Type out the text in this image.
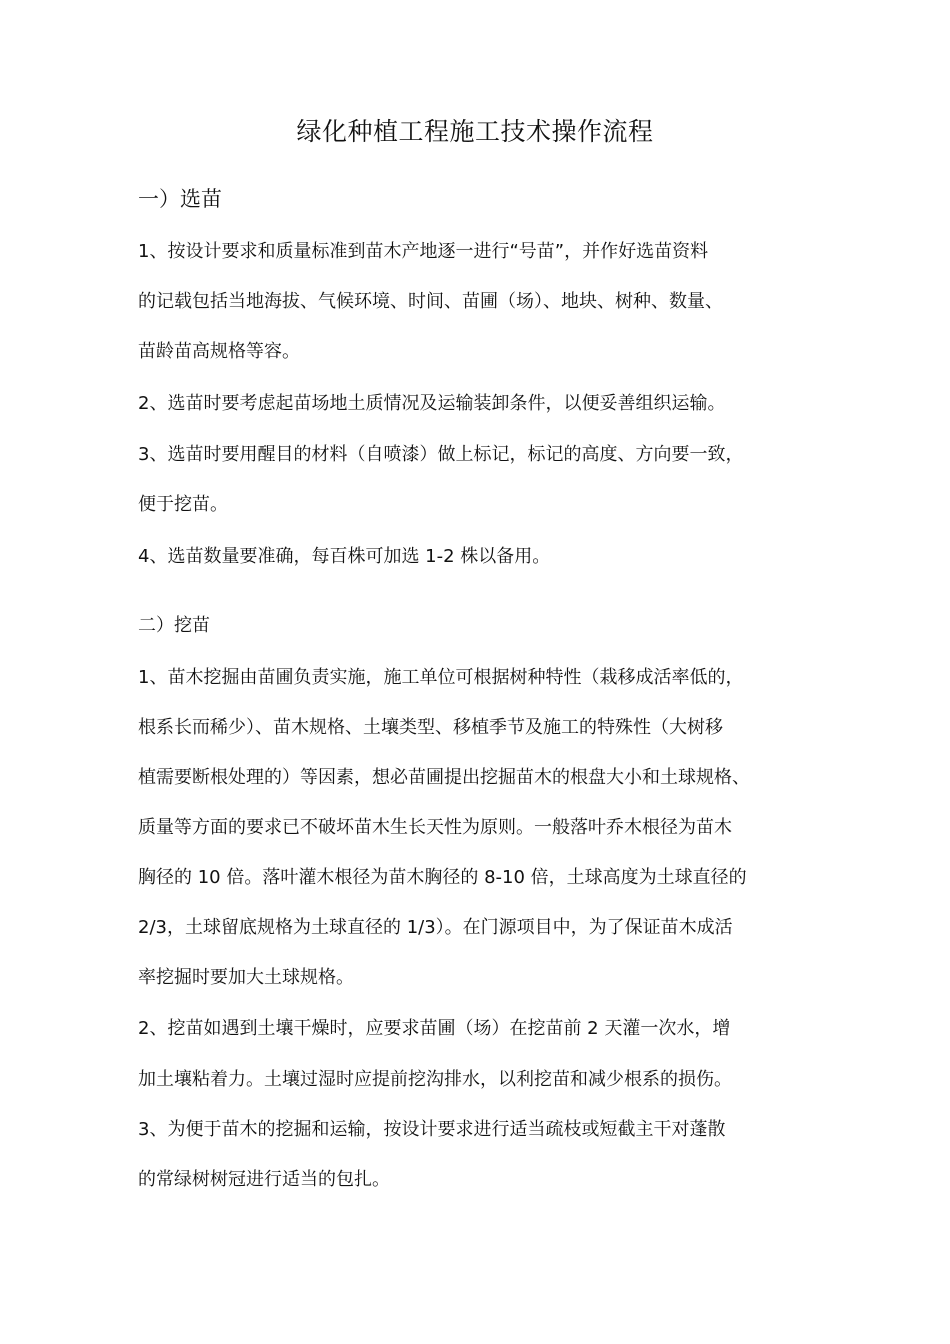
绿化种植工程施工技术操作流程
一）选苗
1、按设计要求和质量标准到苗木产地逐一进行“号苗”，并作好选苗资料
的记载包括当地海拔、气候环境、时间、苗圃（场）、地块、树种、数量、
苗龄苗高规格等容。
2、选苗时要考虑起苗场地土质情况及运输装卸条件，以便妥善组织运输。
3、选苗时要用醒目的材料（自喷漆）做上标记，标记的高度、方向要一致，
便于挖苗。
4、选苗数量要准确，每百株可加选 1-2 株以备用。
二）挖苗
1、苗木挖掘由苗圃负责实施，施工单位可根据树种特性（栽移成活率低的，
根系长而稀少）、苗木规格、土壤类型、移植季节及施工的特殊性（大树移
植需要断根处理的）等因素，想必苗圃提出挖掘苗木的根盘大小和土球规格、
质量等方面的要求已不破坏苗木生长天性为原则。一般落叶乔木根径为苗木
胸径的 10 倍。落叶灌木根径为苗木胸径的 8-10 倍，土球高度为土球直径的
2/3，土球留底规格为土球直径的 1/3）。在门源项目中，为了保证苗木成活
率挖掘时要加大土球规格。
2、挖苗如遇到土壤干燥时，应要求苗圃（场）在挖苗前 2 天灌一次水，增
加土壤粘着力。土壤过湿时应提前挖沟排水，以利挖苗和减少根系的损伤。
3、为便于苗木的挖掘和运输，按设计要求进行适当疏枝或短截主干对蓬散
的常绿树树冠进行适当的包扎。
